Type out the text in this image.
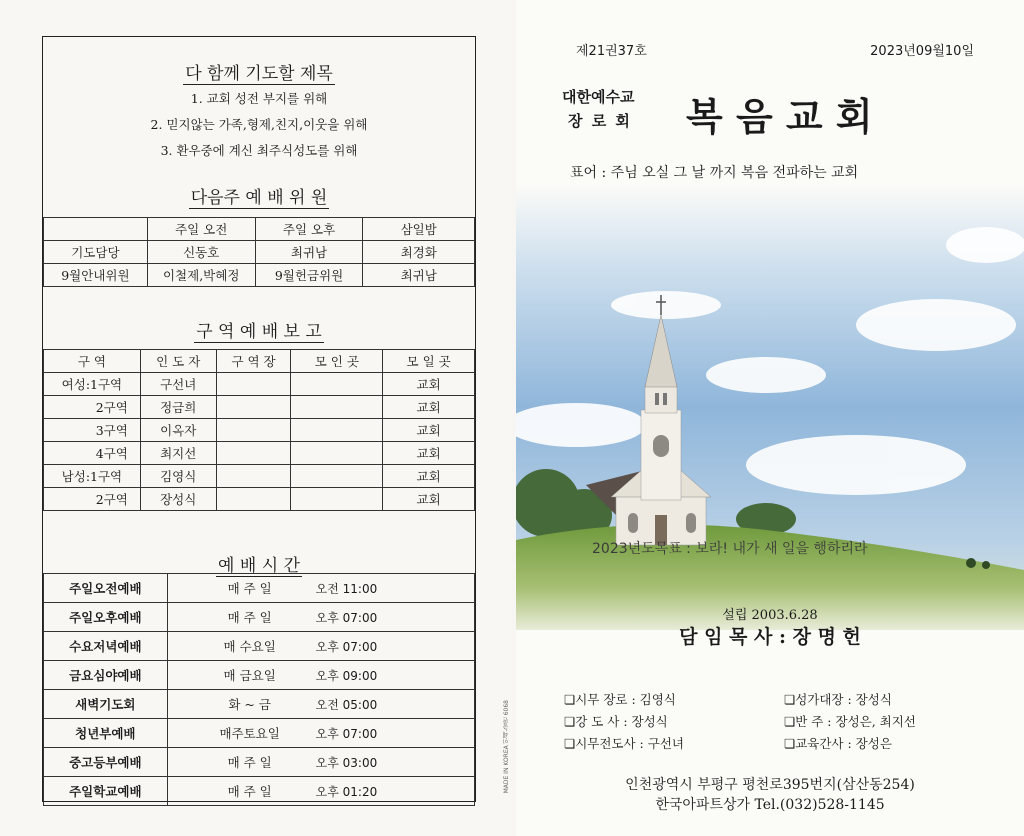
다 함께 기도할 제목
1. 교회 성전 부지를 위해
2. 믿지않는 가족,형제,친지,이웃을 위해
3. 환우중에 계신 최주식성도를 위해
다음주 예 배 위 원
	주일 오전	주일 오후	삼일밤
기도담당	신동호	최귀남	최경화
9월안내위원	이철제,박혜정	9월헌금위원	최귀남
구 역 예 배 보 고
구 역	인 도 자	구 역 장	모 인 곳	모 일 곳
여성:1구역	구선녀			교회
2구역	정금희			교회
3구역	이옥자			교회
4구역	최지선			교회
남성:1구역	김영식			교회
2구역	장성식			교회
예 배 시 간
주일오전예배	매 주 일 오전 11:00
주일오후예배	매 주 일 오후 07:00
수요저녁예배	매 수요일 오후 07:00
금요심야예배	매 금요일 오후 09:00
새벽기도회	화 ~ 금 오전 05:00
청년부예배	매주토요일 오후 07:00
중고등부예배	매 주 일 오후 03:00
주일학교예배	매 주 일 오후 01:20	MADE IN KOREA 인쇄-출판 6068
제21권37호	2023년09월10일
대한예수교
장 로 회 복 음 교 회
표어 : 주님 오실 그 날 까지 복음 전파하는 교회
2023년도목표 : 보라! 내가 새 일을 행하리라
설립 2003.6.28
담 임 목 사 : 장 명 헌
❏시무 장로 : 김영식
❏강 도 사 : 장성식
❏시무전도사 : 구선녀
❏성가대장 : 장성식
❏반 주 : 장성은, 최지선
❏교육간사 : 장성은
인천광역시 부평구 평천로395번지(삼산동254)
한국아파트상가 Tel.(032)528-1145
